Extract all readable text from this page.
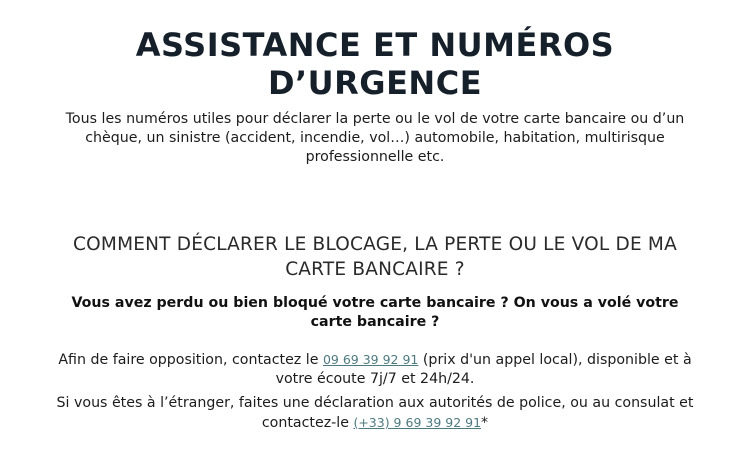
ASSISTANCE ET NUMÉROS
D’URGENCE

Tous les numéros utiles pour déclarer la perte ou le vol de votre carte bancaire ou d’un chèque, un sinistre (accident, incendie, vol…) automobile, habitation, multirisque professionnelle etc.

COMMENT DÉCLARER LE BLOCAGE, LA PERTE OU LE VOL DE MA CARTE BANCAIRE ?

Vous avez perdu ou bien bloqué votre carte bancaire ? On vous a volé votre carte bancaire ?

Afin de faire opposition, contactez le 09 69 39 92 91 (prix d'un appel local), disponible et à votre écoute 7j/7 et 24h/24.

Si vous êtes à l’étranger, faites une déclaration aux autorités de police, ou au consulat et contactez-le (+33) 9 69 39 92 91*
